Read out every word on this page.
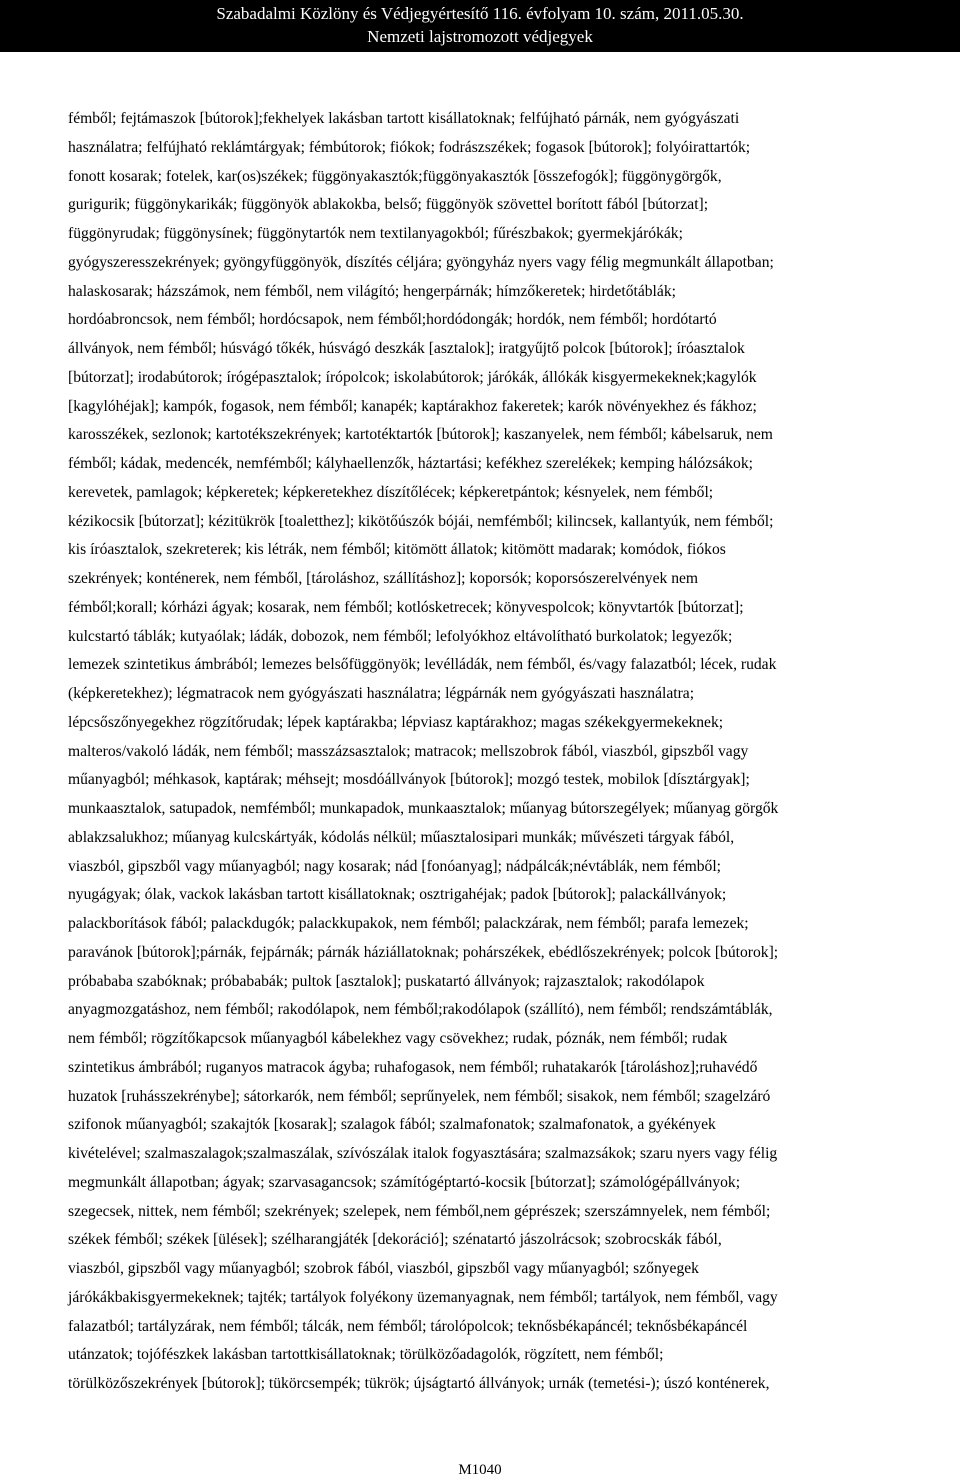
Szabadalmi Közlöny és Védjegyértesítő 116. évfolyam 10. szám, 2011.05.30.
Nemzeti lajstromozott védjegyek
fémből; fejtámaszok [bútorok];fekhelyek lakásban tartott kisállatoknak; felfújható párnák, nem gyógyászati
használatra; felfújható reklámtárgyak; fémbútorok; fiókok; fodrászszékek; fogasok [bútorok]; folyóirattartók;
fonott kosarak; fotelek, kar(os)székek; függönyakasztók;függönyakasztók [összefogók]; függönygörgők,
gurigurik; függönykarikák; függönyök ablakokba, belső; függönyök szövettel borított fából [bútorzat];
függönyrudak; függönysínek; függönytartók nem textilanyagokból; fűrészbakok; gyermekjárókák;
gyógyszeresszekrények; gyöngyfüggönyök, díszítés céljára; gyöngyház nyers vagy félig megmunkált állapotban;
halaskosarak; házszámok, nem fémből, nem világító; hengerpárnák; hímzőkeretek; hirdetőtáblák;
hordóabroncsok, nem fémből; hordócsapok, nem fémből;hordódongák; hordók, nem fémből; hordótartó
állványok, nem fémből; húsvágó tőkék, húsvágó deszkák [asztalok]; iratgyűjtő polcok [bútorok]; íróasztalok
[bútorzat]; irodabútorok; írógépasztalok; írópolcok; iskolabútorok; járókák, állókák kisgyermekeknek;kagylók
[kagylóhéjak]; kampók, fogasok, nem fémből; kanapék; kaptárakhoz fakeretek; karók növényekhez és fákhoz;
karosszékek, sezlonok; kartotékszekrények; kartotéktartók [bútorok]; kaszanyelek, nem fémből; kábelsaruk, nem
fémből; kádak, medencék, nemfémből; kályhaellenzők, háztartási; kefékhez szerelékek; kemping hálózsákok;
kerevetek, pamlagok; képkeretek; képkeretekhez díszítőlécek; képkeretpántok; késnyelek, nem fémből;
kézikocsik [bútorzat]; kézitükrök [toaletthez]; kikötőúszók bójái, nemfémből; kilincsek, kallantyúk, nem fémből;
kis íróasztalok, szekreterek; kis létrák, nem fémből; kitömött állatok; kitömött madarak; komódok, fiókos
szekrények; konténerek, nem fémből, [tároláshoz, szállításhoz]; koporsók; koporsószerelvények nem
fémből;korall; kórházi ágyak; kosarak, nem fémből; kotlósketrecek; könyvespolcok; könyvtartók [bútorzat];
kulcstartó táblák; kutyaólak; ládák, dobozok, nem fémből; lefolyókhoz eltávolítható burkolatok; legyezők;
lemezek szintetikus ámbrából; lemezes belsőfüggönyök; levélládák, nem fémből, és/vagy falazatból; lécek, rudak
(képkeretekhez); légmatracok nem gyógyászati használatra; légpárnák nem gyógyászati használatra;
lépcsőszőnyegekhez rögzítőrudak; lépek kaptárakba; lépviasz kaptárakhoz; magas székekgyermekeknek;
malteros/vakoló ládák, nem fémből; masszázsasztalok; matracok; mellszobrok fából, viaszból, gipszből vagy
műanyagból; méhkasok, kaptárak; méhsejt; mosdóállványok [bútorok]; mozgó testek, mobilok [dísztárgyak];
munkaasztalok, satupadok, nemfémből; munkapadok, munkaasztalok; műanyag bútorszegélyek; műanyag görgők
ablakzsalukhoz; műanyag kulcskártyák, kódolás nélkül; műasztalosipari munkák; művészeti tárgyak fából,
viaszból, gipszből vagy műanyagból; nagy kosarak; nád [fonóanyag]; nádpálcák;névtáblák, nem fémből;
nyugágyak; ólak, vackok lakásban tartott kisállatoknak; osztrigahéjak; padok [bútorok]; palackállványok;
palackborítások fából; palackdugók; palackkupakok, nem fémből; palackzárak, nem fémből; parafa lemezek;
paravánok [bútorok];párnák, fejpárnák; párnák háziállatoknak; pohárszékek, ebédlőszekrények; polcok [bútorok];
próbababa szabóknak; próbababák; pultok [asztalok]; puskatartó állványok; rajzasztalok; rakodólapok
anyagmozgatáshoz, nem fémből; rakodólapok, nem fémből;rakodólapok (szállító), nem fémből; rendszámtáblák,
nem fémből; rögzítőkapcsok műanyagból kábelekhez vagy csövekhez; rudak, póznák, nem fémből; rudak
szintetikus ámbrából; ruganyos matracok ágyba; ruhafogasok, nem fémből; ruhatakarók [tároláshoz];ruhavédő
huzatok [ruhásszekrénybe]; sátorkarók, nem fémből; seprűnyelek, nem fémből; sisakok, nem fémből; szagelzáró
szifonok műanyagból; szakajtók [kosarak]; szalagok fából; szalmafonatok; szalmafonatok, a gyékények
kivételével; szalmaszalagok;szalmaszálak, szívószálak italok fogyasztására; szalmazsákok; szaru nyers vagy félig
megmunkált állapotban; ágyak; szarvasagancsok; számítógéptartó-kocsik [bútorzat]; számológépállványok;
szegecsek, nittek, nem fémből; szekrények; szelepek, nem fémből,nem géprészek; szerszámnyelek, nem fémből;
székek fémből; székek [ülések]; szélharangjáték [dekoráció]; szénatartó jászolrácsok; szobrocskák fából,
viaszból, gipszből vagy műanyagból; szobrok fából, viaszból, gipszből vagy műanyagból; szőnyegek
járókákbakisgyermekeknek; tajték; tartályok folyékony üzemanyagnak, nem fémből; tartályok, nem fémből, vagy
falazatból; tartályzárak, nem fémből; tálcák, nem fémből; tárolópolcok; teknősbékapáncél; teknősbékapáncél
utánzatok; tojófészkek lakásban tartottkisállatoknak; törülközőadagolók, rögzített, nem fémből;
törülközőszekrények [bútorok]; tükörcsempék; tükrök; újságtartó állványok; urnák (temetési-); úszó konténerek,
M1040
